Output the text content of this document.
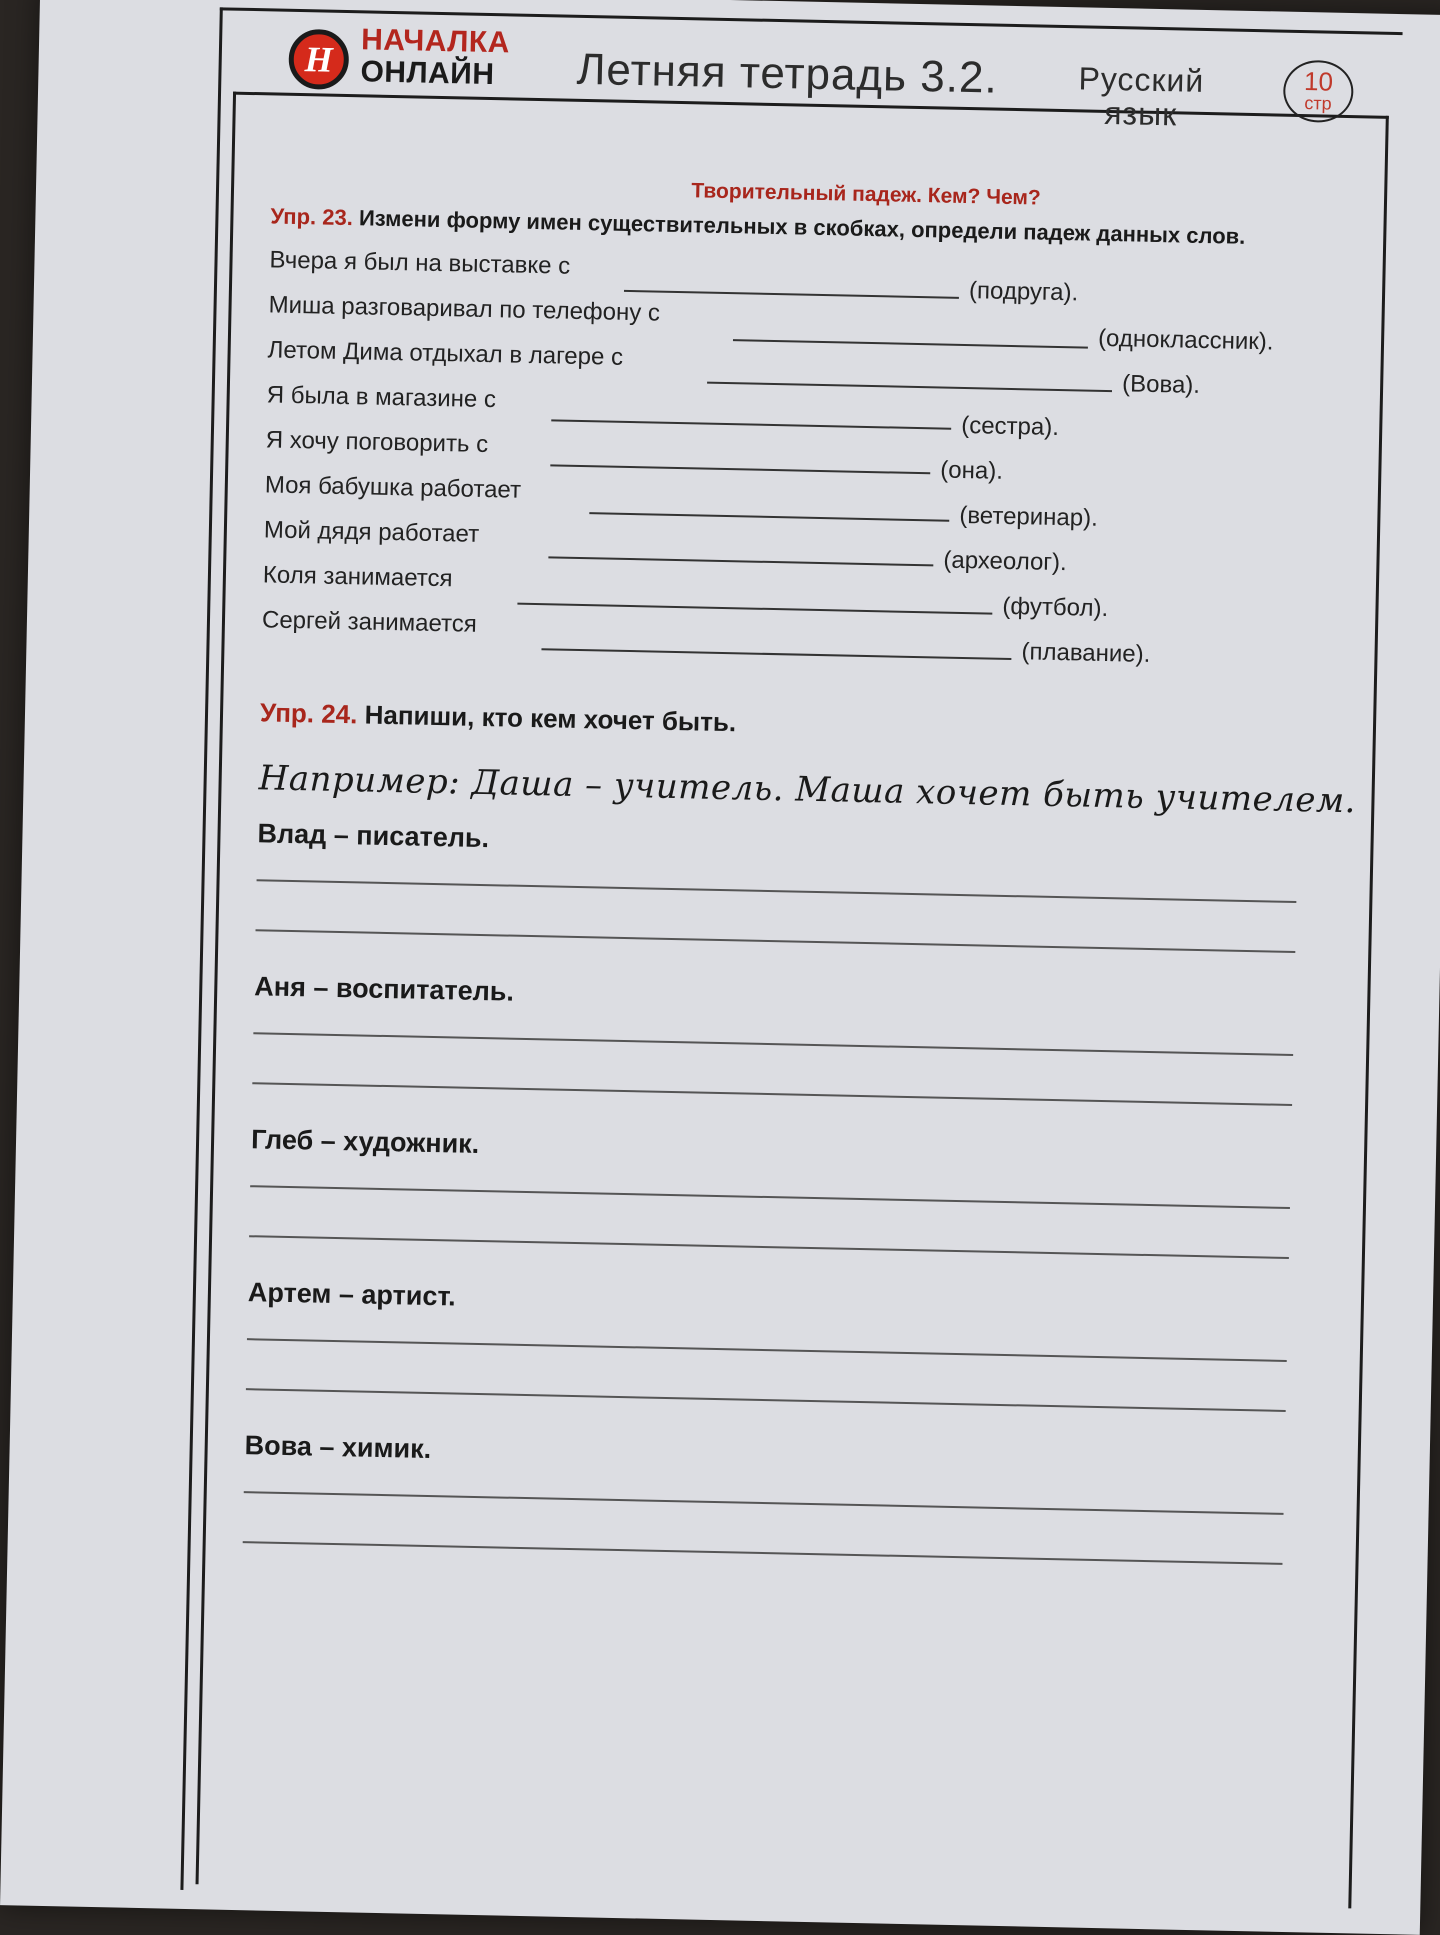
Н НАЧАЛКА
ОНЛАЙН	Летняя тетрадь 3.2. Русский
язык
10
стр
Творительный падеж. Кем? Чем?
Упр. 23. Измени форму имен существительных в скобках, определи падеж данных слов.
Вчера я был на выставке с
(подруга).
Миша разговаривал по телефону с
(одноклассник).
Летом Дима отдыхал в лагере с
(Вова).
Я была в магазине с
(сестра).
Я хочу поговорить с
(она).
Моя бабушка работает
(ветеринар).
Мой дядя работает
(археолог).
Коля занимается
(футбол).
Сергей занимается
(плавание).
Упр. 24. Напиши, кто кем хочет быть.
Например: Даша – учитель. Маша хочет быть учителем.
Влад – писатель.
Аня – воспитатель.
Глеб – художник.
Артем – артист.
Вова – химик.
